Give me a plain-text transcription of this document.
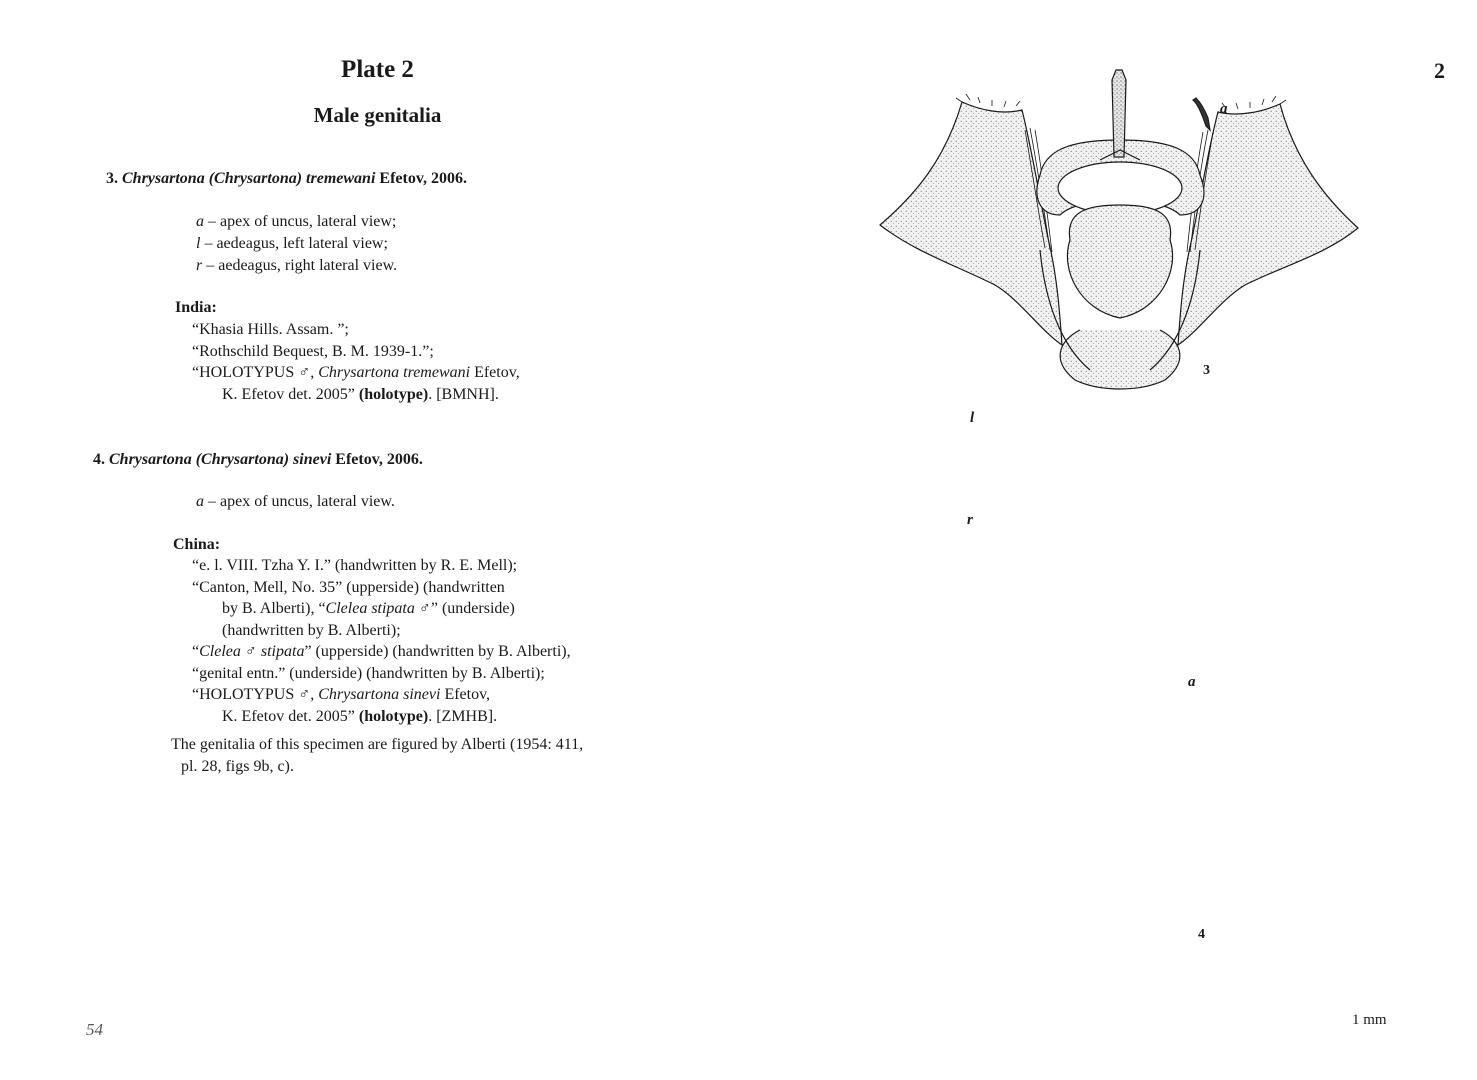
Plate 2
Male genitalia
3. Chrysartona (Chrysartona) tremewani Efetov, 2006.
a – apex of uncus, lateral view;
l – aedeagus, left lateral view;
r – aedeagus, right lateral view.
India:
“Khasia Hills. Assam. ”;
“Rothschild Bequest, B. M. 1939-1.”;
“HOLOTYPUS ♂, Chrysartona tremewani Efetov,
K. Efetov det. 2005” (holotype). [BMNH].
4. Chrysartona (Chrysartona) sinevi Efetov, 2006.
a – apex of uncus, lateral view.
China:
“e. l. VIII. Tzha Y. I.” (handwritten by R. E. Mell);
“Canton, Mell, No. 35” (upperside) (handwritten
by B. Alberti), “Clelea stipata ♂” (underside)
(handwritten by B. Alberti);
“Clelea ♂ stipata” (upperside) (handwritten by B. Alberti),
“genital entn.” (underside) (handwritten by B. Alberti);
“HOLOTYPUS ♂, Chrysartona sinevi Efetov,
K. Efetov det. 2005” (holotype). [ZMHB].
The genitalia of this specimen are figured by Alberti (1954: 411,
pl. 28, figs 9b, c).
54
2
a
3
l
r
a
4
1 mm
